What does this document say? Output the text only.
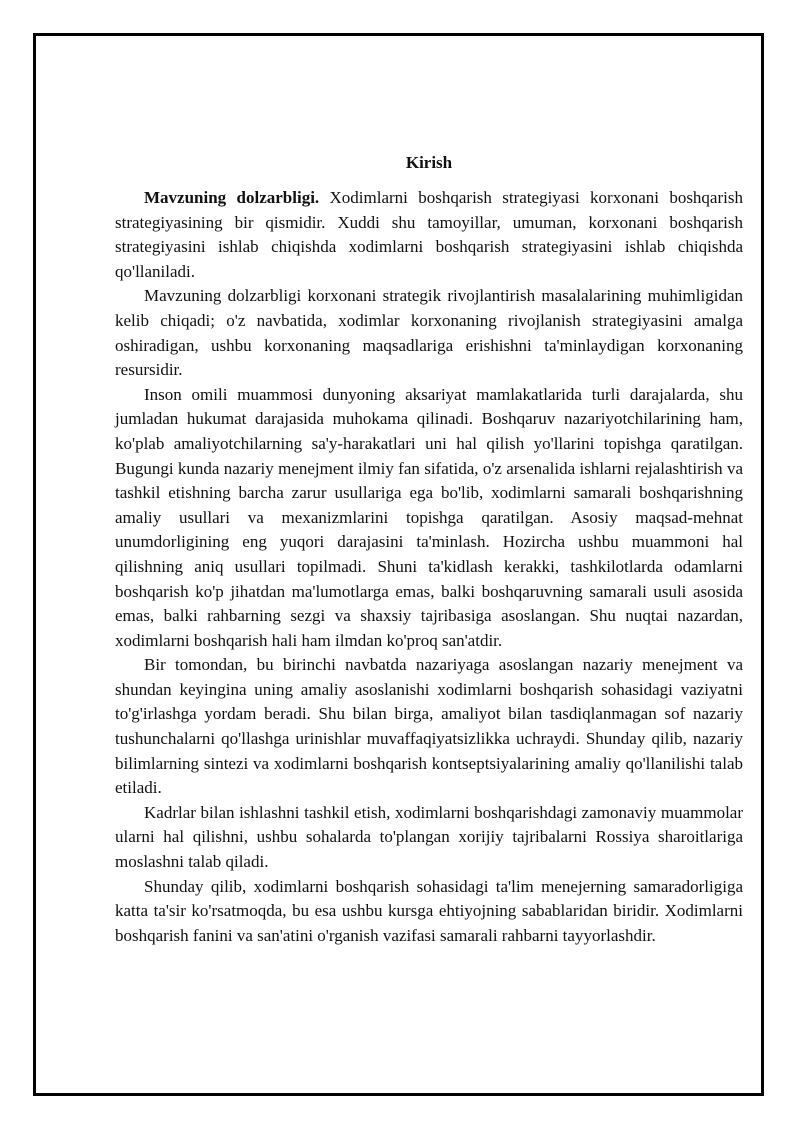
Kirish

Mavzuning dolzarbligi. Xodimlarni boshqarish strategiyasi korxonani boshqarish strategiyasining bir qismidir. Xuddi shu tamoyillar, umuman, korxonani boshqarish strategiyasini ishlab chiqishda xodimlarni boshqarish strategiyasini ishlab chiqishda qo'llaniladi.

Mavzuning dolzarbligi korxonani strategik rivojlantirish masalalarining muhimligidan kelib chiqadi; o'z navbatida, xodimlar korxonaning rivojlanish strategiyasini amalga oshiradigan, ushbu korxonaning maqsadlariga erishishni ta'minlaydigan korxonaning resursidir.

Inson omili muammosi dunyoning aksariyat mamlakatlarida turli darajalarda, shu jumladan hukumat darajasida muhokama qilinadi. Boshqaruv nazariyotchilarining ham, ko'plab amaliyotchilarning sa'y-harakatlari uni hal qilish yo'llarini topishga qaratilgan. Bugungi kunda nazariy menejment ilmiy fan sifatida, o'z arsenalida ishlarni rejalashtirish va tashkil etishning barcha zarur usullariga ega bo'lib, xodimlarni samarali boshqarishning amaliy usullari va mexanizmlarini topishga qaratilgan. Asosiy maqsad-mehnat unumdorligining eng yuqori darajasini ta'minlash. Hozircha ushbu muammoni hal qilishning aniq usullari topilmadi. Shuni ta'kidlash kerakki, tashkilotlarda odamlarni boshqarish ko'p jihatdan ma'lumotlarga emas, balki boshqaruvning samarali usuli asosida emas, balki rahbarning sezgi va shaxsiy tajribasiga asoslangan. Shu nuqtai nazardan, xodimlarni boshqarish hali ham ilmdan ko'proq san'atdir.

Bir tomondan, bu birinchi navbatda nazariyaga asoslangan nazariy menejment va shundan keyingina uning amaliy asoslanishi xodimlarni boshqarish sohasidagi vaziyatni to'g'irlashga yordam beradi. Shu bilan birga, amaliyot bilan tasdiqlanmagan sof nazariy tushunchalarni qo'llashga urinishlar muvaffaqiyatsizlikka uchraydi. Shunday qilib, nazariy bilimlarning sintezi va xodimlarni boshqarish kontseptsiyalarining amaliy qo'llanilishi talab etiladi.

Kadrlar bilan ishlashni tashkil etish, xodimlarni boshqarishdagi zamonaviy muammolar ularni hal qilishni, ushbu sohalarda to'plangan xorijiy tajribalarni Rossiya sharoitlariga moslashni talab qiladi.

Shunday qilib, xodimlarni boshqarish sohasidagi ta'lim menejerning samaradorligiga katta ta'sir ko'rsatmoqda, bu esa ushbu kursga ehtiyojning sabablaridan biridir. Xodimlarni boshqarish fanini va san'atini o'rganish vazifasi samarali rahbarni tayyorlashdir.
